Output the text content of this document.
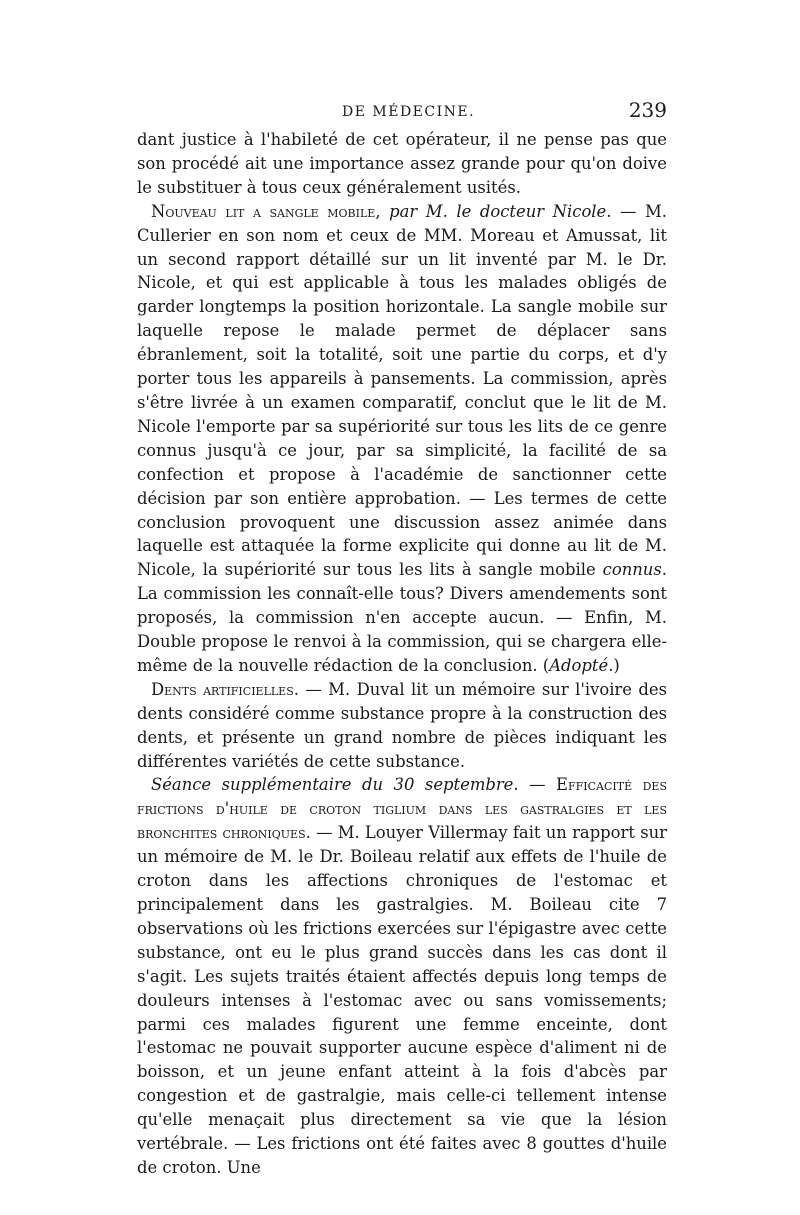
DE MÉDECINE.	239

dant justice à l'habileté de cet opérateur, il ne pense pas que son procédé ait une importance assez grande pour qu'on doive le substituer à tous ceux généralement usités.

Nouveau lit a sangle mobile, par M. le docteur Nicole. — M. Cullerier en son nom et ceux de MM. Moreau et Amussat, lit un second rapport détaillé sur un lit inventé par M. le Dr. Nicole, et qui est applicable à tous les malades obligés de garder longtemps la position horizontale. La sangle mobile sur laquelle repose le malade permet de déplacer sans ébranlement, soit la totalité, soit une partie du corps, et d'y porter tous les appareils à pansements. La commission, après s'être livrée à un examen comparatif, conclut que le lit de M. Nicole l'emporte par sa supériorité sur tous les lits de ce genre connus jusqu'à ce jour, par sa simplicité, la facilité de sa confection et propose à l'académie de sanctionner cette décision par son entière approbation. — Les termes de cette conclusion provoquent une discussion assez animée dans laquelle est attaquée la forme explicite qui donne au lit de M. Nicole, la supériorité sur tous les lits à sangle mobile connus. La commission les connaît-elle tous? Divers amendements sont proposés, la commission n'en accepte aucun. — Enfin, M. Double propose le renvoi à la commission, qui se chargera elle-même de la nouvelle rédaction de la conclusion. (Adopté.)

Dents artificielles. — M. Duval lit un mémoire sur l'ivoire des dents considéré comme substance propre à la construction des dents, et présente un grand nombre de pièces indiquant les différentes variétés de cette substance.

Séance supplémentaire du 30 septembre. — Efficacité des frictions d'huile de croton tiglium dans les gastralgies et les bronchites chroniques. — M. Louyer Villermay fait un rapport sur un mémoire de M. le Dr. Boileau relatif aux effets de l'huile de croton dans les affections chroniques de l'estomac et principalement dans les gastralgies. M. Boileau cite 7 observations où les frictions exercées sur l'épigastre avec cette substance, ont eu le plus grand succès dans les cas dont il s'agit. Les sujets traités étaient affectés depuis long temps de douleurs intenses à l'estomac avec ou sans vomissements; parmi ces malades figurent une femme enceinte, dont l'estomac ne pouvait supporter aucune espèce d'aliment ni de boisson, et un jeune enfant atteint à la fois d'abcès par congestion et de gastralgie, mais celle-ci tellement intense qu'elle menaçait plus directement sa vie que la lésion vertébrale. — Les frictions ont été faites avec 8 gouttes d'huile de croton. Une
